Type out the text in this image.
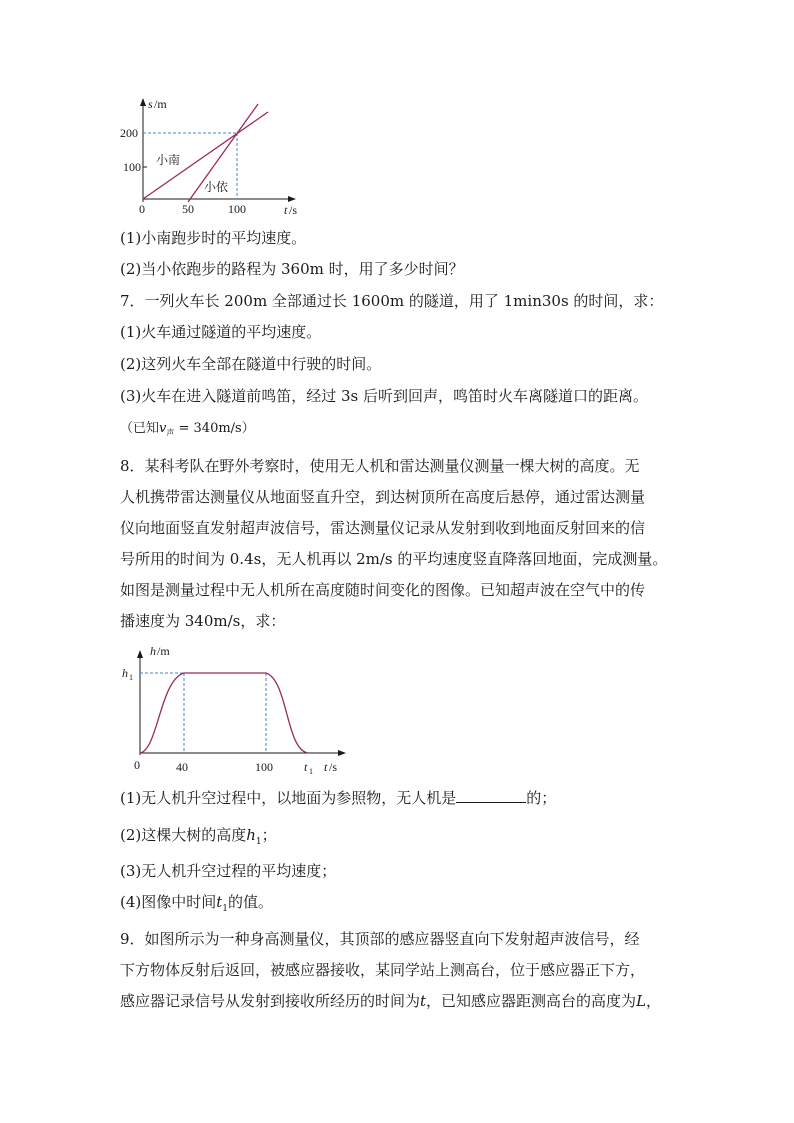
s /m
200
100
0	50	100	t /s
小南
小依
(1)小南跑步时的平均速度。
(2)当小依跑步的路程为 360m 时，用了多少时间？
7．一列火车长 200m 全部通过长 1600m 的隧道，用了 1min30s 的时间，求：
(1)火车通过隧道的平均速度。
(2)这列火车全部在隧道中行驶的时间。
(3)火车在进入隧道前鸣笛，经过 3s 后听到回声，鸣笛时火车离隧道口的距离。
（已知$v_声 = 340m/s$）
8．某科考队在野外考察时，使用无人机和雷达测量仪测量一棵大树的高度。无
人机携带雷达测量仪从地面竖直升空，到达树顶所在高度后悬停，通过雷达测量
仪向地面竖直发射超声波信号，雷达测量仪记录从发射到收到地面反射回来的信
号所用的时间为 0.4s，无人机再以 2m/s 的平均速度竖直降落回地面，完成测量。
如图是测量过程中无人机所在高度随时间变化的图像。已知超声波在空气中的传
播速度为 340m/s，求：
h /m
h 1
0	40	100	t 1 t /s
(1)无人机升空过程中，以地面为参照物，无人机是	的；
(2)这棵大树的高度$h_1$；
(3)无人机升空过程的平均速度；
(4)图像中时间$t_1$的值。
9．如图所示为一种身高测量仪，其顶部的感应器竖直向下发射超声波信号，经
下方物体反射后返回，被感应器接收，某同学站上测高台，位于感应器正下方，
感应器记录信号从发射到接收所经历的时间为t，已知感应器距测高台的高度为L，
